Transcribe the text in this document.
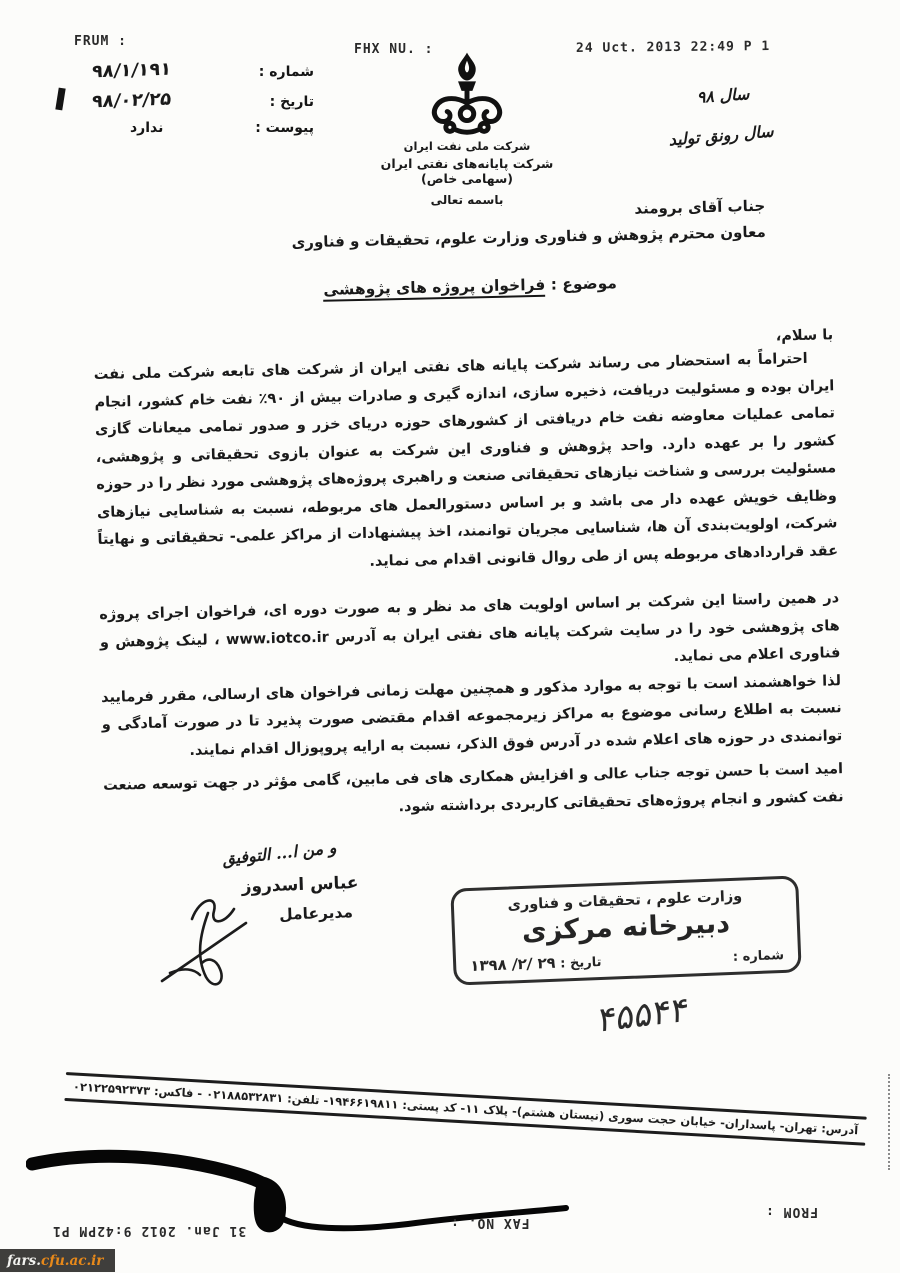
FRUM :
FHX NU. :	24 Uct. 2013 22:49 P 1
شماره :
۹۸/۱/۱۹۱
تاریخ :
۹۸/۰۲/۲۵
پیوست :
ندارد
شرکت ملی نفت ایران
شرکت پایانه‌های نفتی ایران (سهامی خاص)
باسمه تعالی
سال ۹۸
سال رونق تولید
جناب آقای برومند
معاون محترم پژوهش و فناوری وزارت علوم، تحقیقات و فناوری
موضوع : فراخوان پروژه های پژوهشی
با سلام،

احتراماً به استحضار می رساند شرکت پایانه های نفتی ایران از شرکت های تابعه شرکت ملی نفت ایران بوده و مسئولیت دریافت، ذخیره سازی، اندازه گیری و صادرات بیش از ۹۰٪ نفت خام کشور، انجام تمامی عملیات معاوضه نفت خام دریافتی از کشورهای حوزه دریای خزر و صدور تمامی میعانات گازی کشور را بر عهده دارد. واحد پژوهش و فناوری این شرکت به عنوان بازوی تحقیقاتی و پژوهشی، مسئولیت بررسی و شناخت نیازهای تحقیقاتی صنعت و راهبری پروژه‌های پژوهشی مورد نظر را در حوزه وظایف خویش عهده دار می باشد و بر اساس دستورالعمل های مربوطه، نسبت به شناسایی نیازهای شرکت، اولویت‌بندی آن ها، شناسایی مجریان توانمند، اخذ پیشنهادات از مراکز علمی- تحقیقاتی و نهایتاً عقد قراردادهای مربوطه پس از طی روال قانونی اقدام می نماید.

در همین راستا این شرکت بر اساس اولویت های مد نظر و به صورت دوره ای، فراخوان اجرای پروژه های پژوهشی خود را در سایت شرکت پایانه های نفتی ایران به آدرس www.iotco.ir ، لینک پژوهش و فناوری اعلام می نماید.

لذا خواهشمند است با توجه به موارد مذکور و همچنین مهلت زمانی فراخوان های ارسالی، مقرر فرمایید نسبت به اطلاع رسانی موضوع به مراکز زیرمجموعه اقدام مقتضی صورت پذیرد تا در صورت آمادگی و توانمندی در حوزه های اعلام شده در آدرس فوق الذکر، نسبت به ارایه پروپوزال اقدام نمایند.

امید است با حسن توجه جناب عالی و افزایش همکاری های فی مابین، گامی مؤثر در جهت توسعه صنعت نفت کشور و انجام پروژه‌های تحقیقاتی کاربردی برداشته شود.

و من ا... التوفیق
عباس اسدروز
مدیرعامل	وزارت علوم ، تحقیقات و فناوری
دبیرخانه مرکزی
شماره :
تاریخ : ۱۳۹۸ /۲/ ۲۹
۴۵۵۴۴
آدرس: تهران- پاسداران- خیابان حجت سوری (نیستان هشتم)- پلاک ۱۱- کد پستی: ۱۹۴۶۶۱۹۸۱۱- تلفن: ۰۲۱۸۸۵۳۲۸۳۱ - فاکس: ۰۲۱۲۲۵۹۲۳۷۳
FROM :
FAX NO. :
31 Jan. 2012 9:42PM P1
fars. cfu.ac.ir
